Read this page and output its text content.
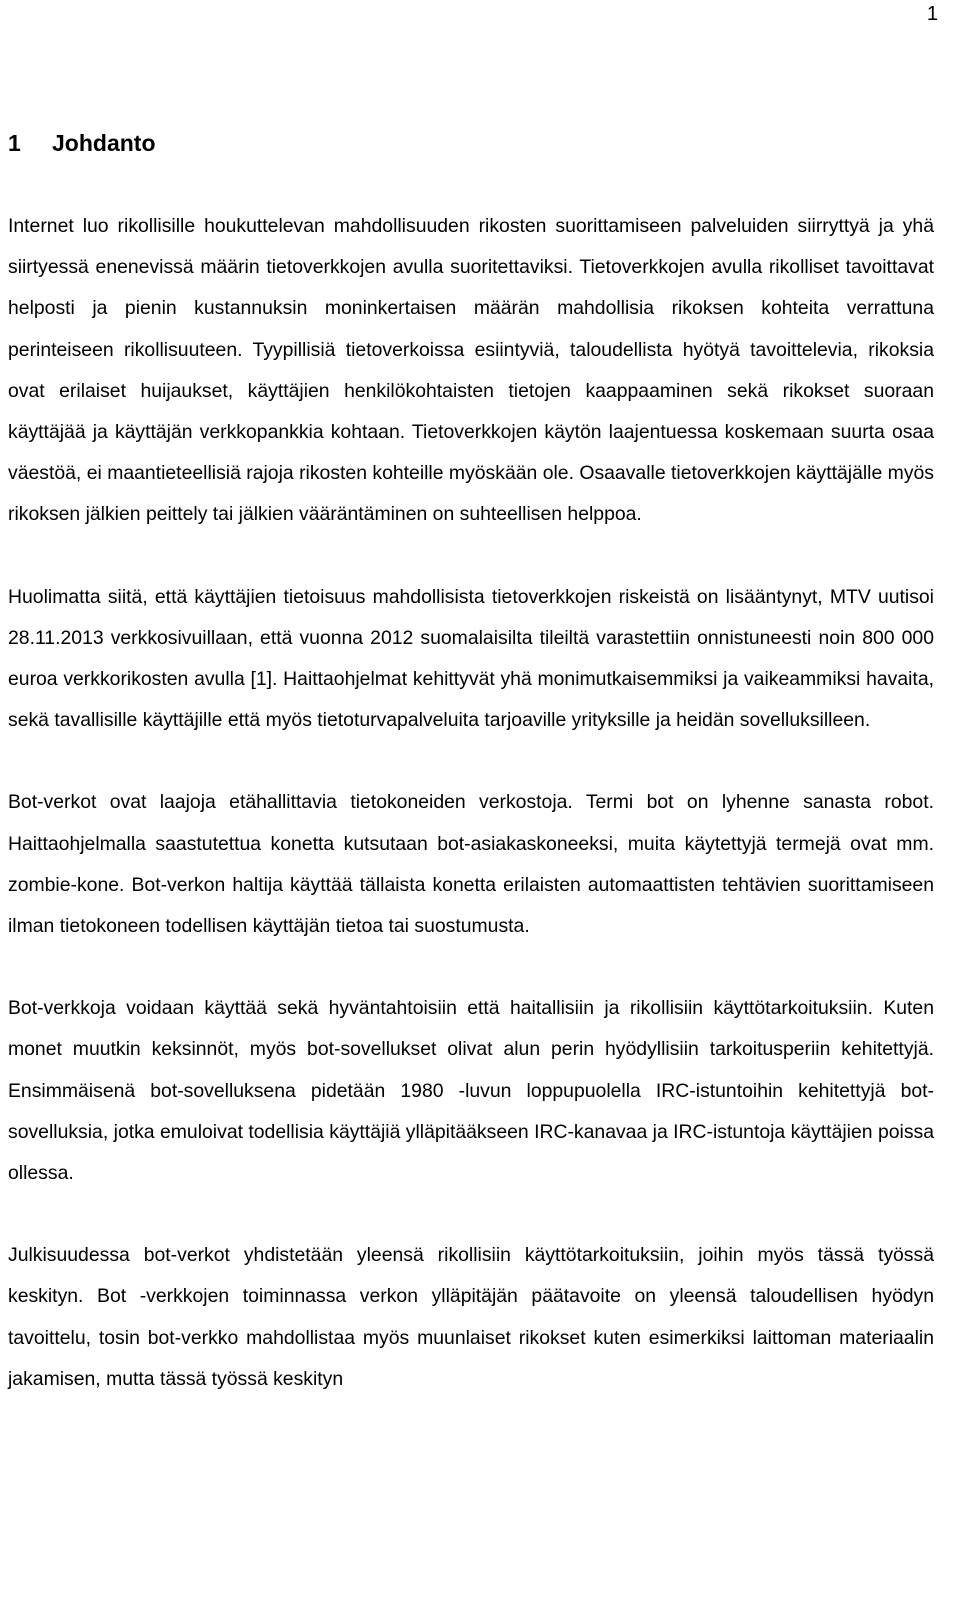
1
1 Johdanto

Internet luo rikollisille houkuttelevan mahdollisuuden rikosten suorittamiseen palveluiden siirryttyä ja yhä siirtyessä enenevissä määrin tietoverkkojen avulla suoritettaviksi. Tietoverkkojen avulla rikolliset tavoittavat helposti ja pienin kustannuksin moninkertaisen määrän mahdollisia rikoksen kohteita verrattuna perinteiseen rikollisuuteen. Tyypillisiä tietoverkoissa esiintyviä, taloudellista hyötyä tavoittelevia, rikoksia ovat erilaiset huijaukset, käyttäjien henkilökohtaisten tietojen kaappaaminen sekä rikokset suoraan käyttäjää ja käyttäjän verkkopankkia kohtaan. Tietoverkkojen käytön laajentuessa koskemaan suurta osaa väestöä, ei maantieteellisiä rajoja rikosten kohteille myöskään ole. Osaavalle tietoverkkojen käyttäjälle myös rikoksen jälkien peittely tai jälkien vääräntäminen on suhteellisen helppoa.

Huolimatta siitä, että käyttäjien tietoisuus mahdollisista tietoverkkojen riskeistä on lisääntynyt, MTV uutisoi 28.11.2013 verkkosivuillaan, että vuonna 2012 suomalaisilta tileiltä varastettiin onnistuneesti noin 800 000 euroa verkkorikosten avulla [1]. Haittaohjelmat kehittyvät yhä monimutkaisemmiksi ja vaikeammiksi havaita, sekä tavallisille käyttäjille että myös tietoturvapalveluita tarjoaville yrityksille ja heidän sovelluksilleen.

Bot-verkot ovat laajoja etähallittavia tietokoneiden verkostoja. Termi bot on lyhenne sanasta robot. Haittaohjelmalla saastutettua konetta kutsutaan bot-asiakaskoneeksi, muita käytettyjä termejä ovat mm. zombie-kone. Bot-verkon haltija käyttää tällaista konetta erilaisten automaattisten tehtävien suorittamiseen ilman tietokoneen todellisen käyttäjän tietoa tai suostumusta.

Bot-verkkoja voidaan käyttää sekä hyväntahtoisiin että haitallisiin ja rikollisiin käyttötarkoituksiin. Kuten monet muutkin keksinnöt, myös bot-sovellukset olivat alun perin hyödyllisiin tarkoitusperiin kehitettyjä. Ensimmäisenä bot-sovelluksena pidetään 1980 -luvun loppupuolella IRC-istuntoihin kehitettyjä bot-sovelluksia, jotka emuloivat todellisia käyttäjiä ylläpitääkseen IRC-kanavaa ja IRC-istuntoja käyttäjien poissa ollessa.

Julkisuudessa bot-verkot yhdistetään yleensä rikollisiin käyttötarkoituksiin, joihin myös tässä työssä keskityn. Bot -verkkojen toiminnassa verkon ylläpitäjän päätavoite on yleensä taloudellisen hyödyn tavoittelu, tosin bot-verkko mahdollistaa myös muunlaiset rikokset kuten esimerkiksi laittoman materiaalin jakamisen, mutta tässä työssä keskityn
